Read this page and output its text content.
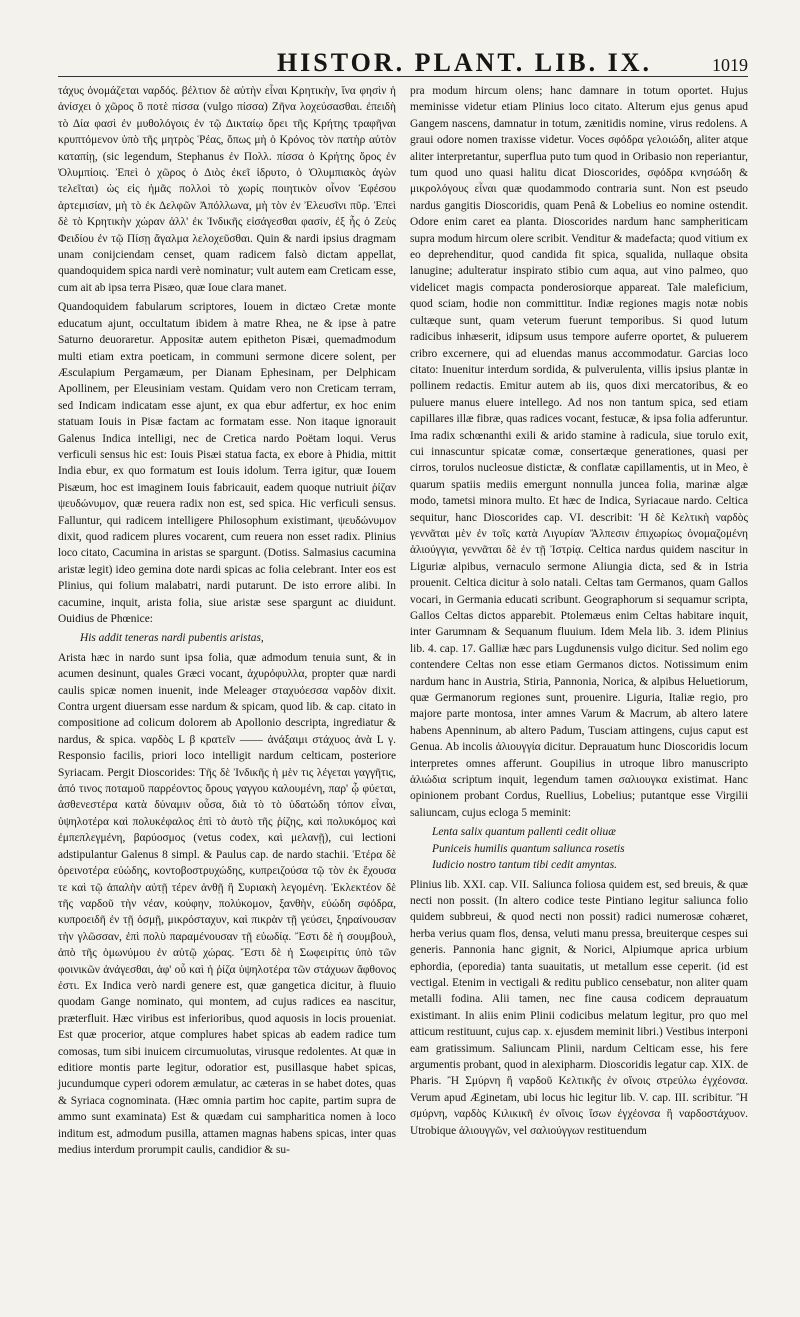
HISTOR. PLANT. LIB. IX.	1019

τάχυς ὀνομάζεται ναρδός. βέλτιον δὲ αὐτὴν εἶναι Κρητικὴν, ἵνα φησὶν ἡ ἀνίσχει ὁ χῶρος ὃ ποτὲ πίσσα (vulgo πίσσα) Ζῆνα λοχεύσασθαι. ἐπειδὴ τὸ Δία φασὶ ἐν μυθολόγοις ἐν τῷ Δικταίῳ ὄρει τῆς Κρήτης τραφῆναι κρυπτόμενον ὑπὸ τῆς μητρὸς Ῥέας, ὅπως μὴ ὁ Κρόνος τὸν πατὴρ αὐτὸν καταπίῃ, (sic legendum, Stephanus ἐν Πολλ. πίσσα ὁ Κρήτης ὄρος ἐν Ὀλυμπίοις. Ἐπεὶ ὁ χῶρος ὁ Διὸς ἐκεῖ ἱδρυτο, ὁ Ὀλυμπιακὸς ἀγὼν τελεῖται) ὡς εἰς ἡμᾶς πολλοὶ τὸ χωρίς ποιητικὸν οἶνον Ἐφέσου ἀρτεμισίαν, μὴ τὸ ἐκ Δελφῶν Ἀπόλλωνα, μὴ τὸν ἐν Ἐλευσῖνι πῦρ. Ἐπεὶ δὲ τὸ Κρητικὴν χώραν ἀλλ' ἐκ Ἰνδικῆς εἰσάγεσθαι φασίν, ἐξ ἧς ὁ Ζεὺς Φειδίου ἐν τῷ Πίσῃ ἄγαλμα λελοχεῦσθαι. Quin & nardi ipsius dragmam unam conijciendam censet, quam radicem falsò dictam appellat, quandoquidem spica nardi verè nominatur; vult autem eam Creticam esse, cum ait ab ipsa terra Pisæo, quæ Ioue clara manet.

Quandoquidem fabularum scriptores, Iouem in dictæo Cretæ monte educatum ajunt, occultatum ibidem à matre Rhea, ne & ipse à patre Saturno deuoraretur. Appositæ autem epitheton Pisæi, quemadmodum multi etiam extra poeticam, in communi sermone dicere solent, per Æsculapium Pergamæum, per Dianam Ephesinam, per Delphicam Apollinem, per Eleusiniam vestam. Quidam vero non Creticam terram, sed Indicam indicatam esse ajunt, ex qua ebur adfertur, ex hoc enim statuam Iouis in Pisæ factam ac formatam esse. Non itaque ignorauit Galenus Indica intelligi, nec de Cretica nardo Poëtam loqui. Verus verficuli sensus hic est: Iouis Pisæi statua facta, ex ebore à Phidia, mittit India ebur, ex quo formatum est Iouis idolum. Terra igitur, quæ Iouem Pisæum, hoc est imaginem Iouis fabricauit, eadem quoque nutriuit ῥίζαν ψευδώνυμον, quæ reuera radix non est, sed spica. Hic verficuli sensus. Falluntur, qui radicem intelligere Philosophum existimant, ψευδώνυμον dixit, quod radicem plures vocarent, cum reuera non esset radix. Plinius loco citato, Cacumina in aristas se spargunt. (Dotiss. Salmasius cacumina aristæ legit) ideo gemina dote nardi spicas ac folia celebrant. Inter eos est Plinius, qui folium malabatri, nardi putarunt. De isto errore alibi. In cacumine, inquit, arista folia, siue aristæ sese spargunt ac diuidunt. Ouidius de Phœnice:

His addit teneras nardi pubentis aristas,

Arista hæc in nardo sunt ipsa folia, quæ admodum tenuia sunt, & in acumen desinunt, quales Græci vocant, ἀχυρόφυλλα, propter quæ nardi caulis spicæ nomen inuenit, inde Meleager σταχυόεσσα ναρδὸν dixit. Contra urgent diuersam esse nardum & spicam, quod lib. & cap. citato in compositione ad colicum dolorem ab Apollonio descripta, ingrediatur & nardus, & spica. ναρδὸς L β κρατεῖν —— ἀνάξαιμι στάχυος ἀνὰ L γ. Responsio facilis, priori loco intelligit nardum celticam, posteriore Syriacam. Pergit Dioscorides: Τῆς δὲ Ἰνδικῆς ἡ μὲν τις λέγεται γαγγῆτις, ἀπό τινος ποταμοῦ παρρέοντος ὄρους γαγγου καλουμένη, παρ' ᾧ φύεται, ἀσθενεστέρα κατὰ δύναμιν οὖσα, διὰ τὸ τὸ ὑδατώδη τόπον εἶναι, ὑψηλοτέρα καὶ πολυκέφαλος ἐπὶ τὸ ἀυτὸ τῆς ῥίζης, καὶ πολυκόμος καὶ ἐμπεπλεγμένη, βαρύοσμος (vetus codex, καὶ μελανῇ), cui lectioni adstipulantur Galenus 8 simpl. & Paulus cap. de nardo stachii. Ἑτέρα δὲ ὀρεινοτέρα εὐώδης, κοντοβοστρυχώδης, κυπρειζούσα τῷ τὸν ἐκ ἔχουσα τε καὶ τῷ ἀπαλὴν αὐτῇ τέρεν ἀνθῇ ἢ Συριακὴ λεγομένη. Ἐκλεκτέον δὲ τῆς ναρδοῦ τὴν νέαν, κούφην, πολύκομον, ξανθὴν, εὐώδη σφόδρα, κυπροειδῆ ἐν τῇ ὀσμῇ, μικρόσταχυν, καὶ πικρὰν τῇ γεύσει, ξηραίνουσαν τὴν γλῶσσαν, ἐπὶ πολὺ παραμένουσαν τῇ εὐωδίᾳ. Ἔστι δὲ ἡ σουμβουλ, ἀπὸ τῆς ὁμωνύμου ἐν αὐτῷ χώρας. Ἔστι δὲ ἡ Σωφειρίτις ὑπὸ τῶν φοινικῶν ἀνάγεσθαι, ἀφ' οὗ καὶ ἡ ῥίζα ὑψηλοτέρα τῶν στάχυων ἄφθονος ἐστι. Ex Indica verò nardi genere est, quæ gangetica dicitur, à fluuio quodam Gange nominato, qui montem, ad cujus radices ea nascitur, præterfluit. Hæc viribus est inferioribus, quod aquosis in locis proueniat. Est quæ procerior, atque complures habet spicas ab eadem radice tum comosas, tum sibi inuicem circumuolutas, virusque redolentes. At quæ in editiore montis parte legitur, odoratior est, pusillasque habet spicas, jucundumque cyperi odorem æmulatur, ac cæteras in se habet dotes, quas & Syriaca cognominata. (Hæc omnia partim hoc capite, partim supra de ammo sunt examinata) Est & quædam cui sampharitica nomen à loco inditum est, admodum pusilla, attamen magnas habens spicas, inter quas medius interdum prorumpit caulis, candidior & su-

pra modum hircum olens; hanc damnare in totum oportet. Hujus meminisse videtur etiam Plinius loco citato. Alterum ejus genus apud Gangem nascens, damnatur in totum, zænitidis nomine, virus redolens. A graui odore nomen traxisse videtur. Voces σφόδρα γελοιώδη, aliter atque aliter interpretantur, superflua puto tum quod in Oribasio non reperiantur, tum quod uno quasi halitu dicat Dioscorides, σφόδρα κνησώδη & μικρολόγους εἶναι quæ quodammodo contraria sunt. Non est pseudo nardus gangitis Dioscoridis, quam Penâ & Lobelius eo nomine ostendit. Odore enim caret ea planta. Dioscorides nardum hanc sampheriticam supra modum hircum olere scribit. Venditur & madefacta; quod vitium ex eo deprehenditur, quod candida fit spica, squalida, nullaque obsita lanugine; adulteratur inspirato stibio cum aqua, aut vino palmeo, quo videlicet magis compacta ponderosiorque appareat. Tale maleficium, quod sciam, hodie non committitur. Indiæ regiones magis notæ nobis cultæque sunt, quam veterum fuerunt temporibus. Si quod lutum radicibus inhæserit, idipsum usus tempore auferre oportet, & puluerem cribro excernere, qui ad eluendas manus accommodatur. Garcias loco citato: Inuenitur interdum sordida, & pulverulenta, villis ipsius plantæ in pollinem redactis. Emitur autem ab iis, quos dixi mercatoribus, & eo puluere manus eluere intellego. Ad nos non tantum spica, sed etiam capillares illæ fibræ, quas radices vocant, festucæ, & ipsa folia adferuntur. Ima radix schœnanthi exili & arido stamine à radicula, siue torulo exit, cui innascuntur spicatæ comæ, consertæque generationes, quasi per cirros, torulos nucleosue distictæ, & conflatæ capillamentis, ut in Meo, è quarum spatiis mediis emergunt nonnulla juncea folia, marinæ algæ modo, tametsi minora multo. Et hæc de Indica, Syriacaue nardo. Celtica sequitur, hanc Dioscorides cap. VI. describit: Ἡ δὲ Κελτικὴ ναρδὸς γεννᾶται μὲν ἐν τοῖς κατὰ Λιγυρίαν Ἄλπεσιν ἐπιχωρίως ὀνομαζομένη ἀλιούγγια, γεννᾶται δὲ ἐν τῇ Ἰστρίᾳ. Celtica nardus quidem nascitur in Liguriæ alpibus, vernaculo sermone Aliungia dicta, sed & in Istria prouenit. Celtica dicitur à solo natali. Celtas tam Germanos, quam Gallos vocari, in Germania educati scribunt. Geographorum si sequamur scripta, Gallos Celtas dictos apparebit. Ptolemæus enim Celtas habitare inquit, inter Garumnam & Sequanum fluuium. Idem Mela lib. 3. idem Plinius lib. 4. cap. 17. Galliæ hæc pars Lugdunensis vulgo dicitur. Sed nolim ego contendere Celtas non esse etiam Germanos dictos. Notissimum enim nardum hanc in Austria, Stiria, Pannonia, Norica, & alpibus Heluetiorum, quæ Germanorum regiones sunt, prouenire. Liguria, Italiæ regio, pro majore parte montosa, inter amnes Varum & Macrum, ab altero latere habens Apenninum, ab altero Padum, Tusciam attingens, cujus caput est Genua. Ab incolis ἀλιουγγία dicitur. Deprauatum hunc Dioscoridis locum interpretes omnes afferunt. Goupilius in utroque libro manuscripto ἀλιώδια scriptum inquit, legendum tamen σαλιουγκα existimat. Hanc opinionem probant Cordus, Ruellius, Lobelius; putantque esse Virgilii saliuncam, cujus ecloga 5 meminit:

Lenta salix quantum pallenti cedit oliuæ
Puniceis humilis quantum saliunca rosetis
Iudicio nostro tantum tibi cedit amyntas.

Plinius lib. XXI. cap. VII. Saliunca foliosa quidem est, sed breuis, & quæ necti non possit. (In altero codice teste Pintiano legitur saliunca folio quidem subbreui, & quod necti non possit) radici numerosæ cohæret, herba verius quam flos, densa, veluti manu pressa, breuiterque cespes sui generis. Pannonia hanc gignit, & Norici, Alpiumque aprica urbium ephordia, (eporedia) tanta suauitatis, ut metallum esse ceperit. (id est vectigal. Etenim in vectigali & reditu publico censebatur, non aliter quam metalli fodina. Alii tamen, nec fine causa codicem deprauatum existimant. In aliis enim Plinii codicibus melatum legitur, pro quo mel atticum restituunt, cujus cap. x. ejusdem meminit libri.) Vestibus interponi eam gratissimum. Saliuncam Plinii, nardum Celticam esse, his fere argumentis probant, quod in alexipharm. Dioscoridis legatur cap. XIX. de Pharis. Ἢ Σμύρνη ἢ ναρδοῦ Κελτικῆς ἐν οἴνοις στρεύλω ἐγχέονσα. Verum apud Æginetam, ubi locus hic legitur lib. V. cap. III. scribitur. Ἢ σμύρνη, ναρδὸς Κιλικικῆ ἐν οἴνοις ἴσων ἐγχέονσα ἢ ναρδοστάχυον. Utrobique ἀλιουγγῶν, vel σαλιούγγων restituendum
